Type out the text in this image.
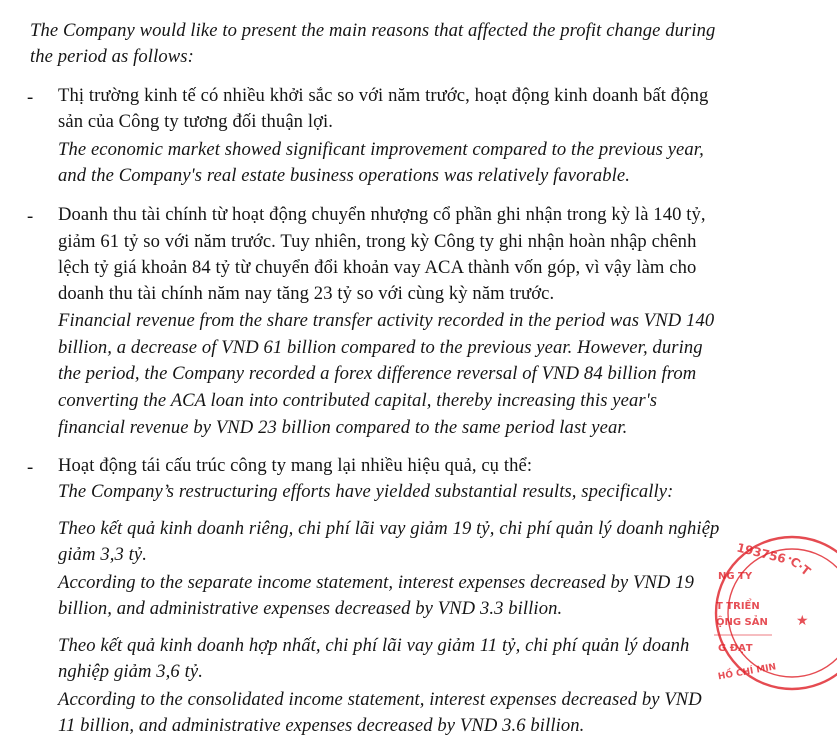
The Company would like to present the main reasons that affected the profit change during
the period as follows:
- Thị trường kinh tế có nhiều khởi sắc so với năm trước, hoạt động kinh doanh bất động
sản của Công ty tương đối thuận lợi.
The economic market showed significant improvement compared to the previous year,
and the Company's real estate business operations was relatively favorable.
- Doanh thu tài chính từ hoạt động chuyển nhượng cổ phần ghi nhận trong kỳ là 140 tỷ,
giảm 61 tỷ so với năm trước. Tuy nhiên, trong kỳ Công ty ghi nhận hoàn nhập chênh
lệch tỷ giá khoản 84 tỷ từ chuyển đổi khoản vay ACA thành vốn góp, vì vậy làm cho
doanh thu tài chính năm nay tăng 23 tỷ so với cùng kỳ năm trước.
Financial revenue from the share transfer activity recorded in the period was VND 140
billion, a decrease of VND 61 billion compared to the previous year. However, during
the period, the Company recorded a forex difference reversal of VND 84 billion from
converting the ACA loan into contributed capital, thereby increasing this year's
financial revenue by VND 23 billion compared to the same period last year.
- Hoạt động tái cấu trúc công ty mang lại nhiều hiệu quả, cụ thể:
The Company’s restructuring efforts have yielded substantial results, specifically:
Theo kết quả kinh doanh riêng, chi phí lãi vay giảm 19 tỷ, chi phí quản lý doanh nghiệp
giảm 3,3 tỷ.
According to the separate income statement, interest expenses decreased by VND 19
billion, and administrative expenses decreased by VND 3.3 billion.
Theo kết quả kinh doanh hợp nhất, chi phí lãi vay giảm 11 tỷ, chi phí quản lý doanh
nghiệp giảm 3,6 tỷ.
According to the consolidated income statement, interest expenses decreased by VND
11 billion, and administrative expenses decreased by VND 3.6 billion.
193756
·C·T
NG TY
T TRIỂN
ỘNG SẢN
G ĐẠT
HỒ CHÍ MIN
★
